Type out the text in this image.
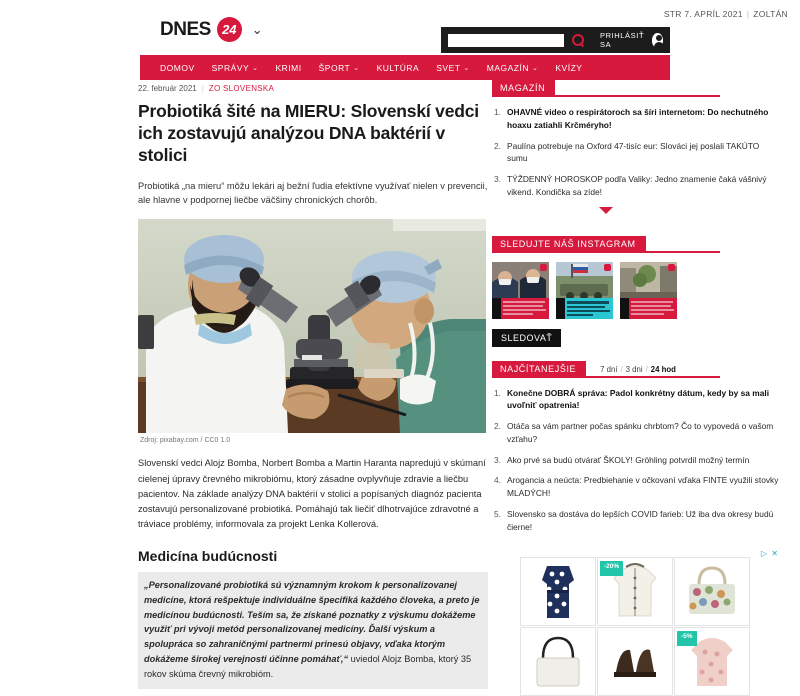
STR 7. APRÍL 2021 | ZOLTÁN
DNES 24	⌄	PRIHLÁSIŤ SA
DOMOV SPRÁVY ⌄ KRIMI ŠPORT ⌄ KULTÚRA SVET ⌄ MAGAZÍN ⌄ KVÍZY
22. február 2021 | ZO SLOVENSKA
Probiotiká šité na MIERU: Slovenskí vedci ich zostavujú analýzou DNA baktérií v stolici

Probiotiká „na mieru“ môžu lekári aj bežní ľudia efektívne využívať nielen v prevencii, ale hlavne v podpornej liečbe väčšiny chronických chorôb.

Zdroj: pixabay.com / CC0 1.0

Slovenskí vedci Alojz Bomba, Norbert Bomba a Martin Haranta napredujú v skúmaní cielenej úpravy črevného mikrobiómu, ktorý zásadne ovplyvňuje zdravie a liečbu pacientov. Na základe analýzy DNA baktérií v stolici a popísaných diagnóz pacienta zostavujú personalizované probiotiká. Pomáhajú tak liečiť dlhotrvajúce zdravotné a tráviace problémy, informovala za projekt Lenka Kollerová.

Medicína budúcnosti
„Personalizované probiotiká sú významným krokom k personalizovanej medicíne, ktorá rešpektuje individuálne špecifiká každého človeka, a preto je medicínou budúcnosti. Teším sa, že získané poznatky z výskumu dokážeme využiť pri vývoji metód personalizovanej medicíny. Ďalší výskum a spolupráca so zahraničnými partnermi prinesú objavy, vďaka ktorým dokážeme širokej verejnosti účinne pomáhať,“ uviedol Alojz Bomba, ktorý 35 rokov skúma črevný mikrobióm.
MAGAZÍN
1. OHAVNÉ video o respirátoroch sa šíri internetom: Do nechutného hoaxu zatiahli Krčméryho!
2. Paulína potrebuje na Oxford 47-tisíc eur: Slováci jej poslali TAKÚTO sumu
3. TÝŽDENNÝ HOROSKOP podľa Valiky: Jedno znamenie čaká vášnivý vikend. Kondička sa zíde!
SLEDUJTE NÁŠ INSTAGRAM
SLEDOVAŤ
NAJČÍTANEJŠIE	7 dní / 3 dni / 24 hod
1. Konečne DOBRÁ správa: Padol konkrétny dátum, kedy by sa mali uvoľniť opatrenia!
2. Otáča sa vám partner počas spánku chrbtom? Čo to vypovedá o vašom vzťahu?
3. Ako prvé sa budú otvárať ŠKOLY! Gröhling potvrdil možný termín
4. Arogancia a neúcta: Predbiehanie v očkovaní vďaka FINTE využili stovky MLADÝCH!
5. Slovensko sa dostáva do lepších COVID farieb: Už iba dva okresy budú čierne!
-20%
-5%
▷ ✕
